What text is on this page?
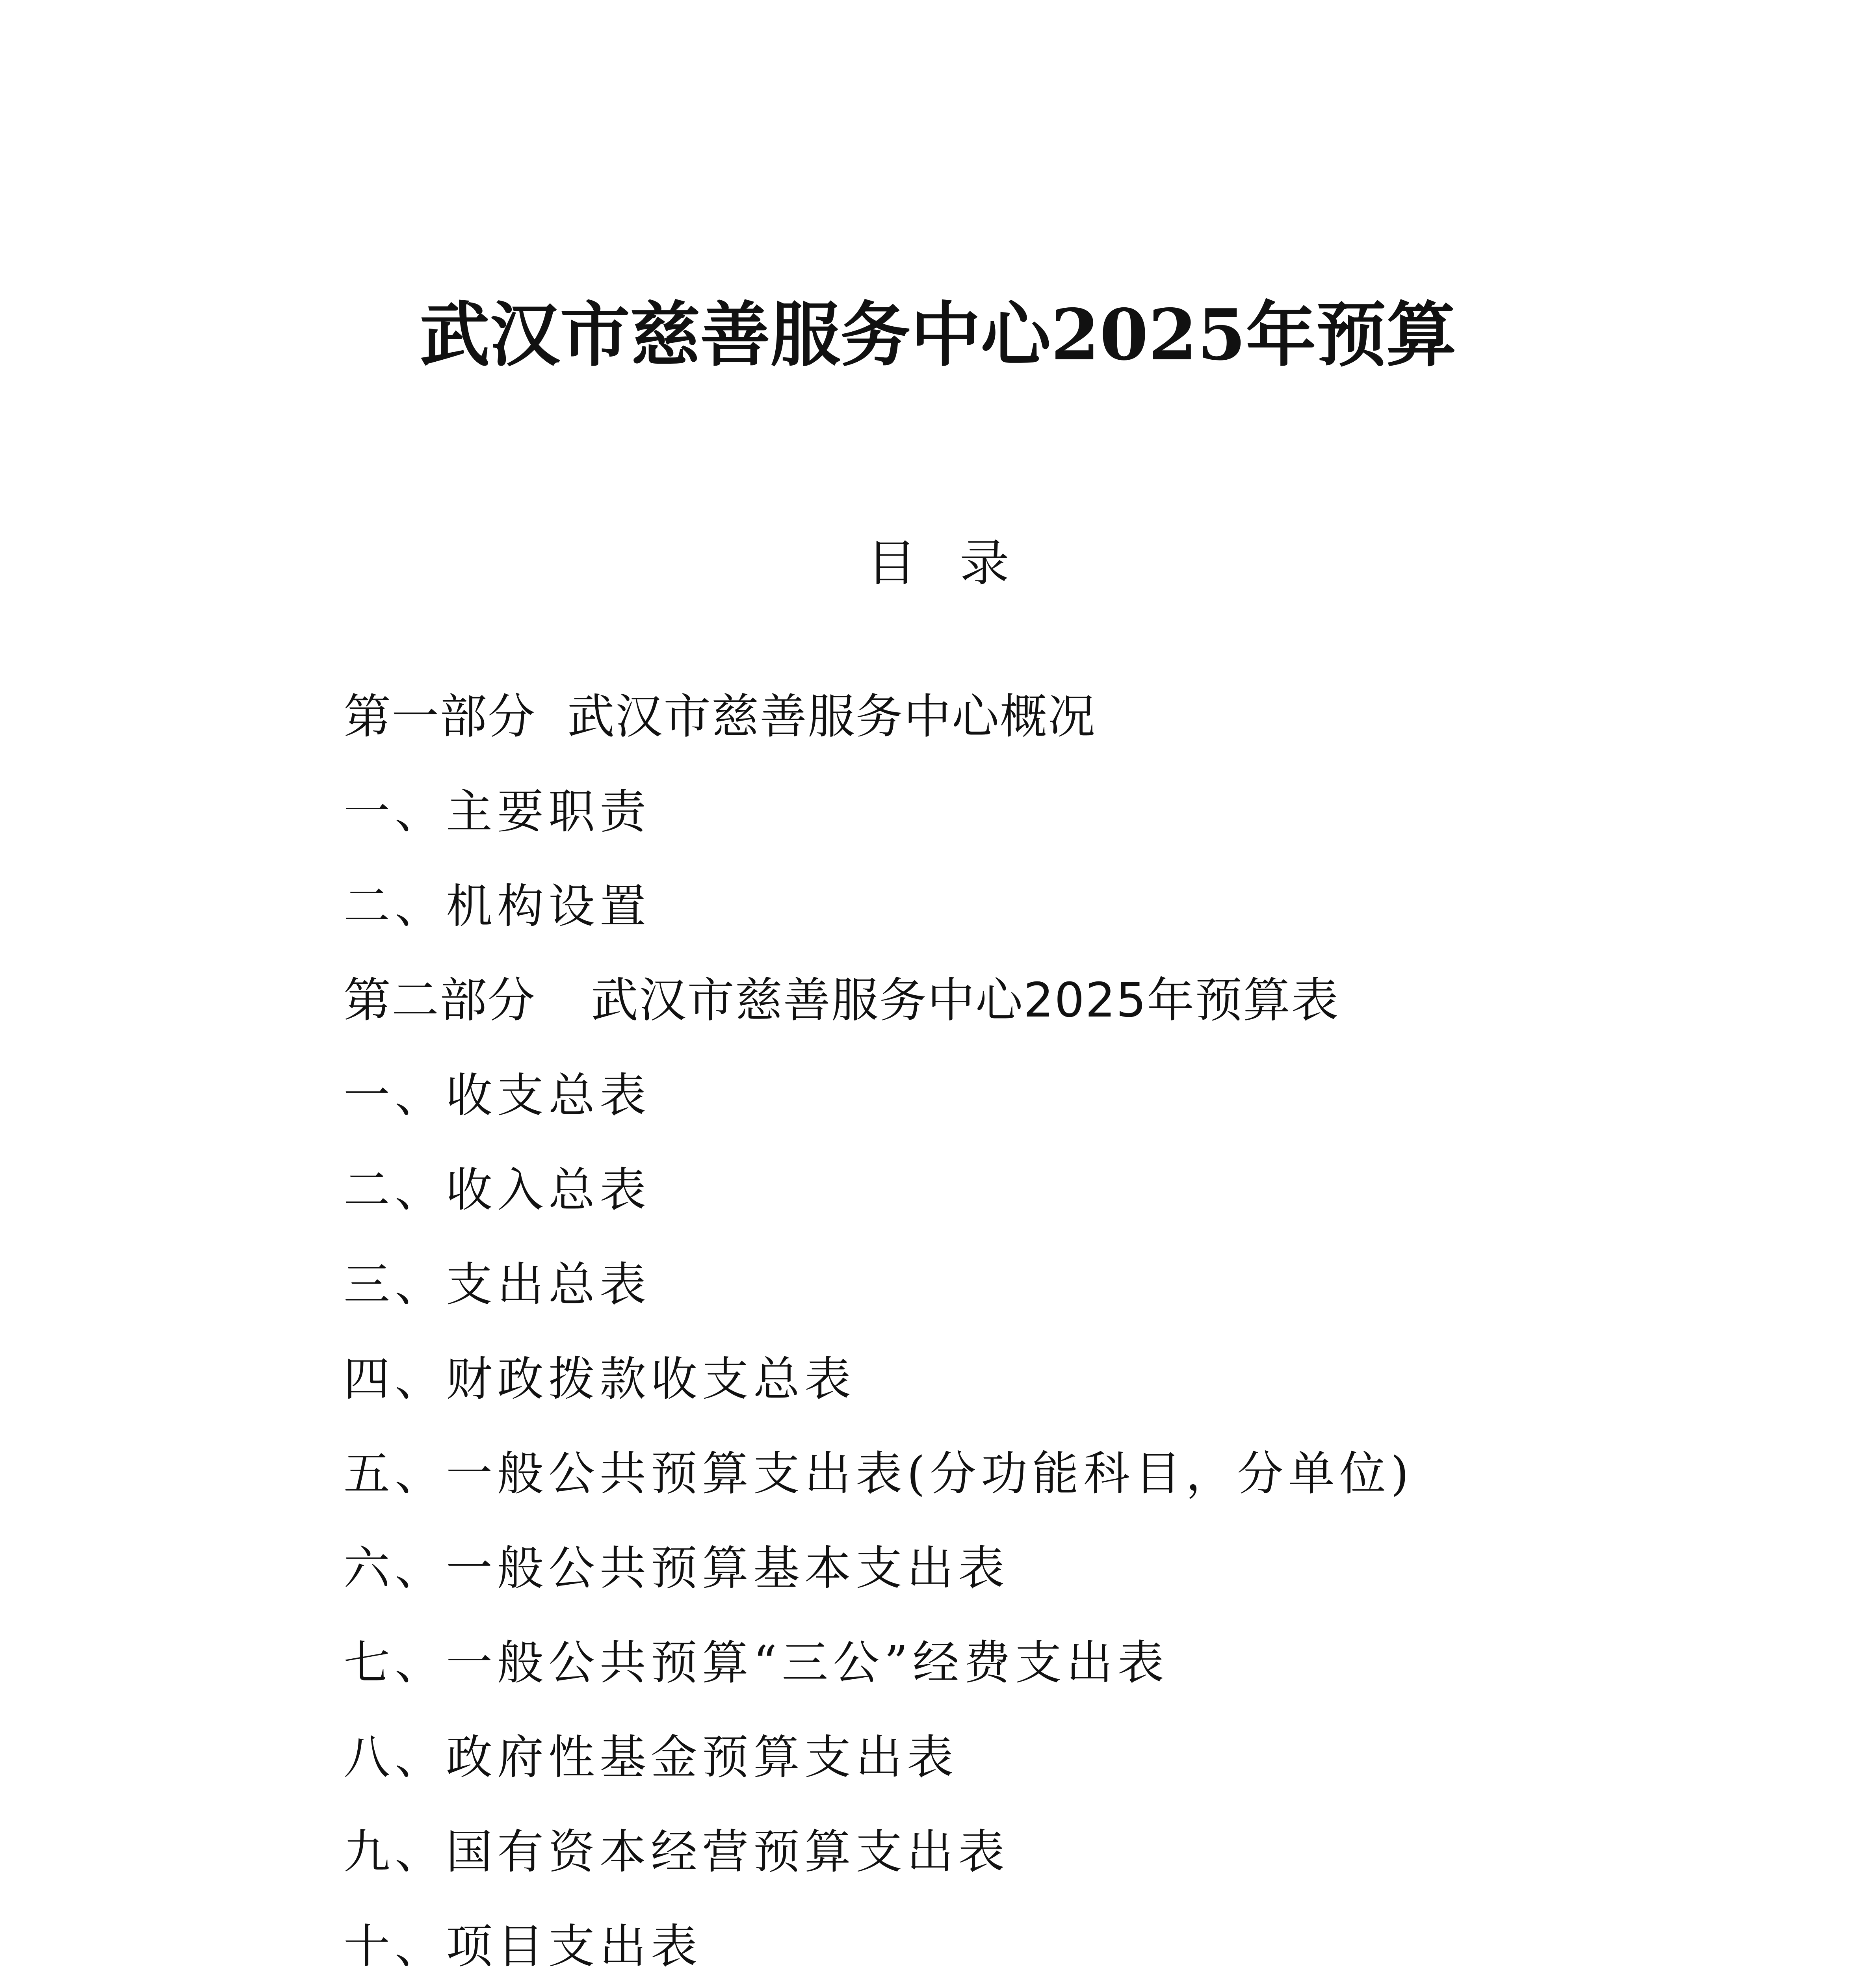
武汉市慈善服务中心2025年预算
目录
第一部分 武汉市慈善服务中心概况
一、主要职责
二、机构设置
第二部分 武汉市慈善服务中心2025年预算表
一、收支总表
二、收入总表
三、支出总表
四、财政拨款收支总表
五、一般公共预算支出表(分功能科目，分单位)
六、一般公共预算基本支出表
七、一般公共预算“三公”经费支出表
八、政府性基金预算支出表
九、国有资本经营预算支出表
十、项目支出表
